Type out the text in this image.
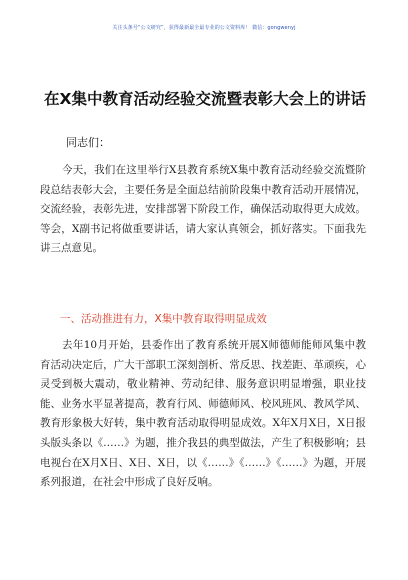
关注头条号“公文研究”，获得最新最全最专业的公文资料库！ 微信：gongwenyj
在X集中教育活动经验交流暨表彰大会上的讲话
同志们：

今天，我们在这里举行X县教育系统X集中教育活动经验交流暨阶段总结表彰大会，主要任务是全面总结前阶段集中教育活动开展情况，交流经验，表彰先进，安排部署下阶段工作，确保活动取得更大成效。等会，X副书记将做重要讲话，请大家认真领会，抓好落实。下面我先讲三点意见。

一、活动推进有力，X集中教育取得明显成效

去年10月开始，县委作出了教育系统开展X师德师能师风集中教育活动决定后，广大干部职工深刻剖析、常反思、找差距、革顽疾，心灵受到极大震动，敬业精神、劳动纪律、服务意识明显增强，职业技能、业务水平显著提高，教育行风、师德师风、校风班风、教风学风、教育形象极大好转，集中教育活动取得明显成效。X年X月X日，X日报头版头条以《……》为题，推介我县的典型做法，产生了积极影响；县电视台在X月X日、X日、X日，以《……》《……》《……》为题，开展系列报道，在社会中形成了良好反响。
